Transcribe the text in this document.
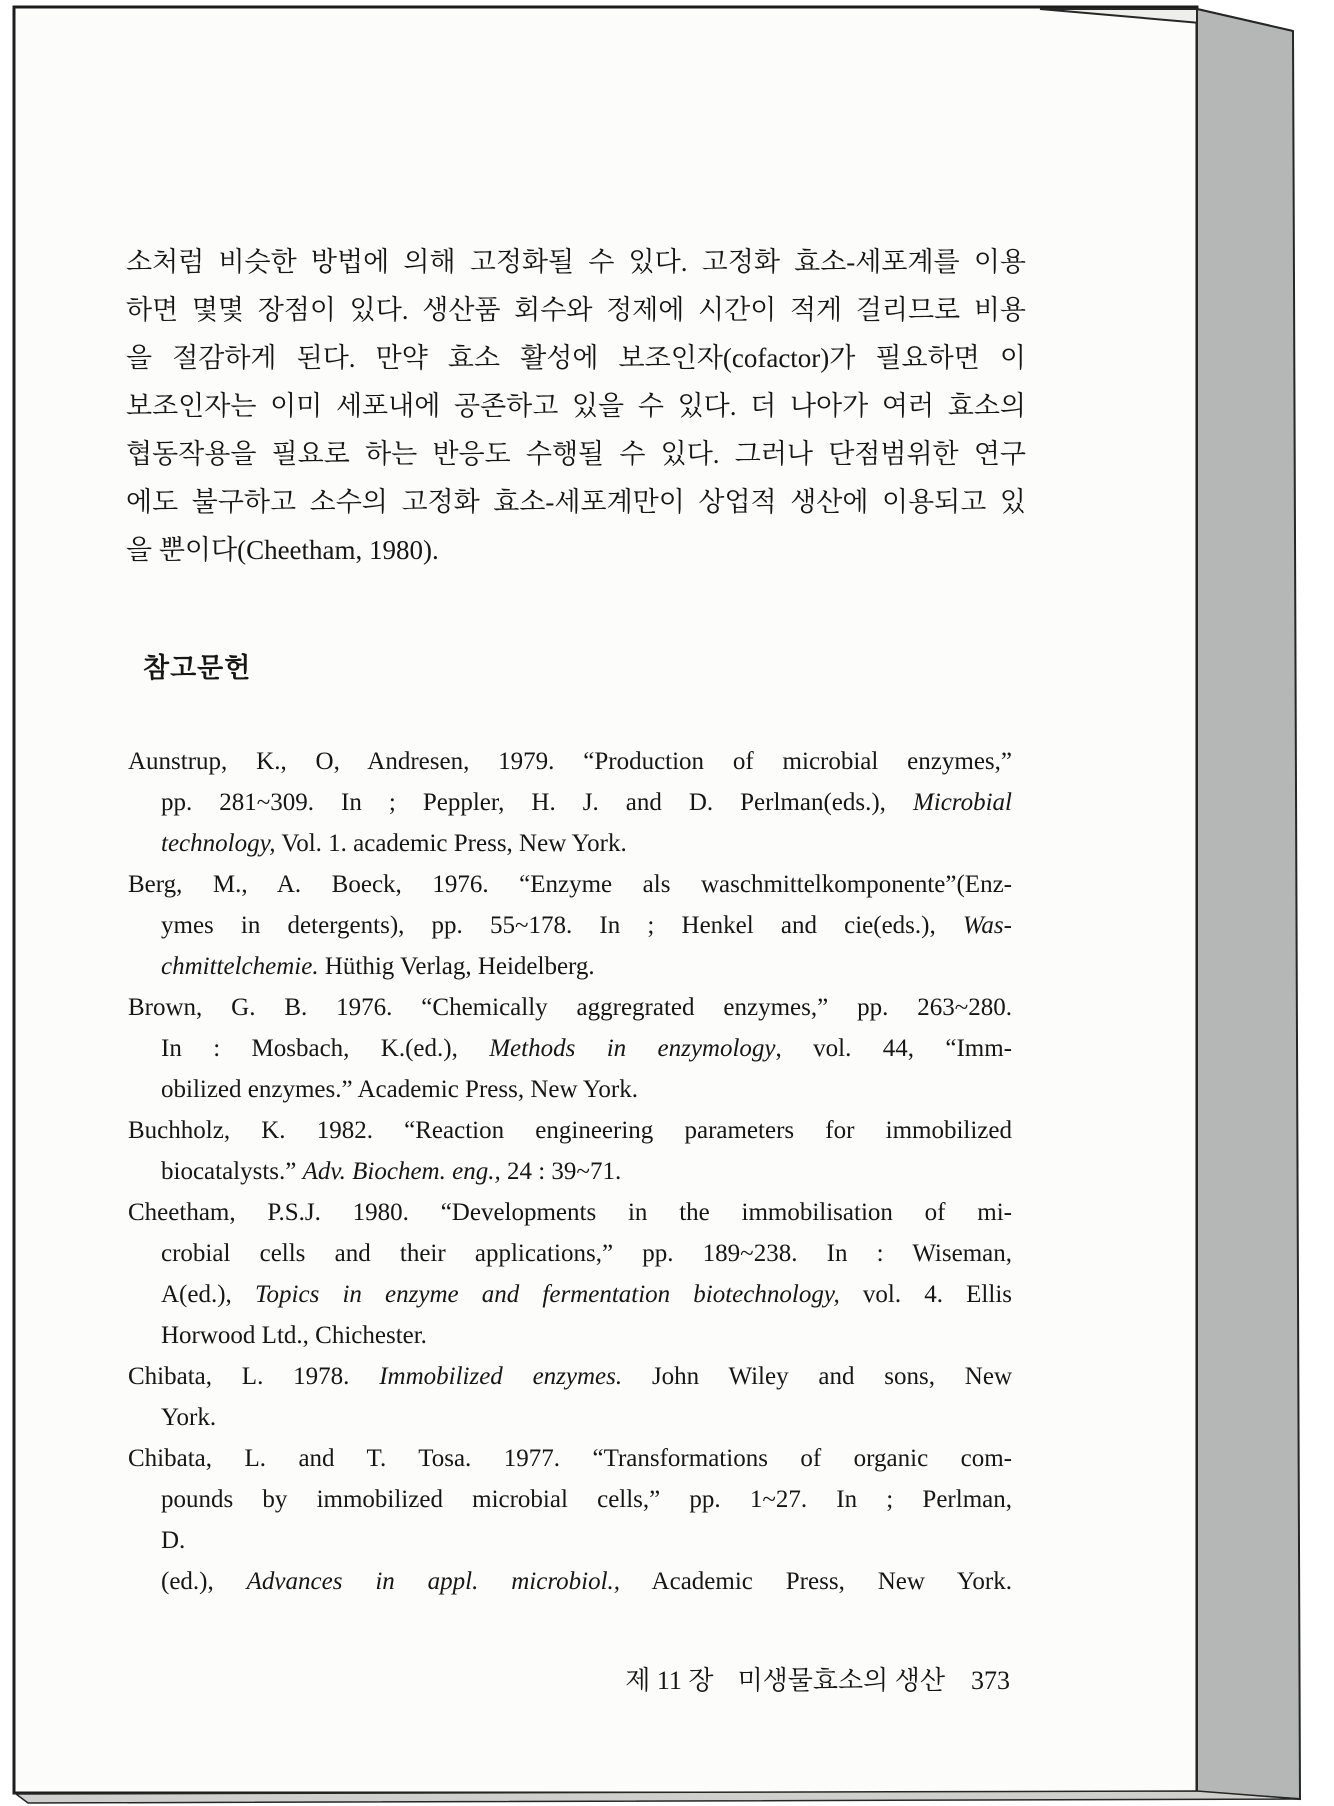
소처럼 비슷한 방법에 의해 고정화될 수 있다. 고정화 효소-세포계를 이용
하면 몇몇 장점이 있다. 생산품 회수와 정제에 시간이 적게 걸리므로 비용
을 절감하게 된다. 만약 효소 활성에 보조인자(cofactor)가 필요하면 이
보조인자는 이미 세포내에 공존하고 있을 수 있다. 더 나아가 여러 효소의
협동작용을 필요로 하는 반응도 수행될 수 있다. 그러나 단점범위한 연구
에도 불구하고 소수의 고정화 효소-세포계만이 상업적 생산에 이용되고 있
을 뿐이다(Cheetham, 1980).
참고문헌
Aunstrup, K., O, Andresen, 1979. “Production of microbial enzymes,”
pp. 281~309. In ; Peppler, H. J. and D. Perlman(eds.), Microbial
technology, Vol. 1. academic Press, New York.
Berg, M., A. Boeck, 1976. “Enzyme als waschmittelkomponente”(Enz-
ymes in detergents), pp. 55~178. In ; Henkel and cie(eds.), Was-
chmittelchemie. Hüthig Verlag, Heidelberg.
Brown, G. B. 1976. “Chemically aggregrated enzymes,” pp. 263~280.
In : Mosbach, K.(ed.), Methods in enzymology, vol. 44, “Imm-
obilized enzymes.” Academic Press, New York.
Buchholz, K. 1982. “Reaction engineering parameters for immobilized
biocatalysts.” Adv. Biochem. eng., 24 : 39~71.
Cheetham, P.S.J. 1980. “Developments in the immobilisation of mi-
crobial cells and their applications,” pp. 189~238. In : Wiseman,
A(ed.), Topics in enzyme and fermentation biotechnology, vol. 4. Ellis
Horwood Ltd., Chichester.
Chibata, L. 1978. Immobilized enzymes. John Wiley and sons, New
York.
Chibata, L. and T. Tosa. 1977. “Transformations of organic com-
pounds by immobilized microbial cells,” pp. 1~27. In ; Perlman,
D.
(ed.), Advances in appl. microbiol., Academic Press, New York.

제 11 장 미생물효소의 생산 373
